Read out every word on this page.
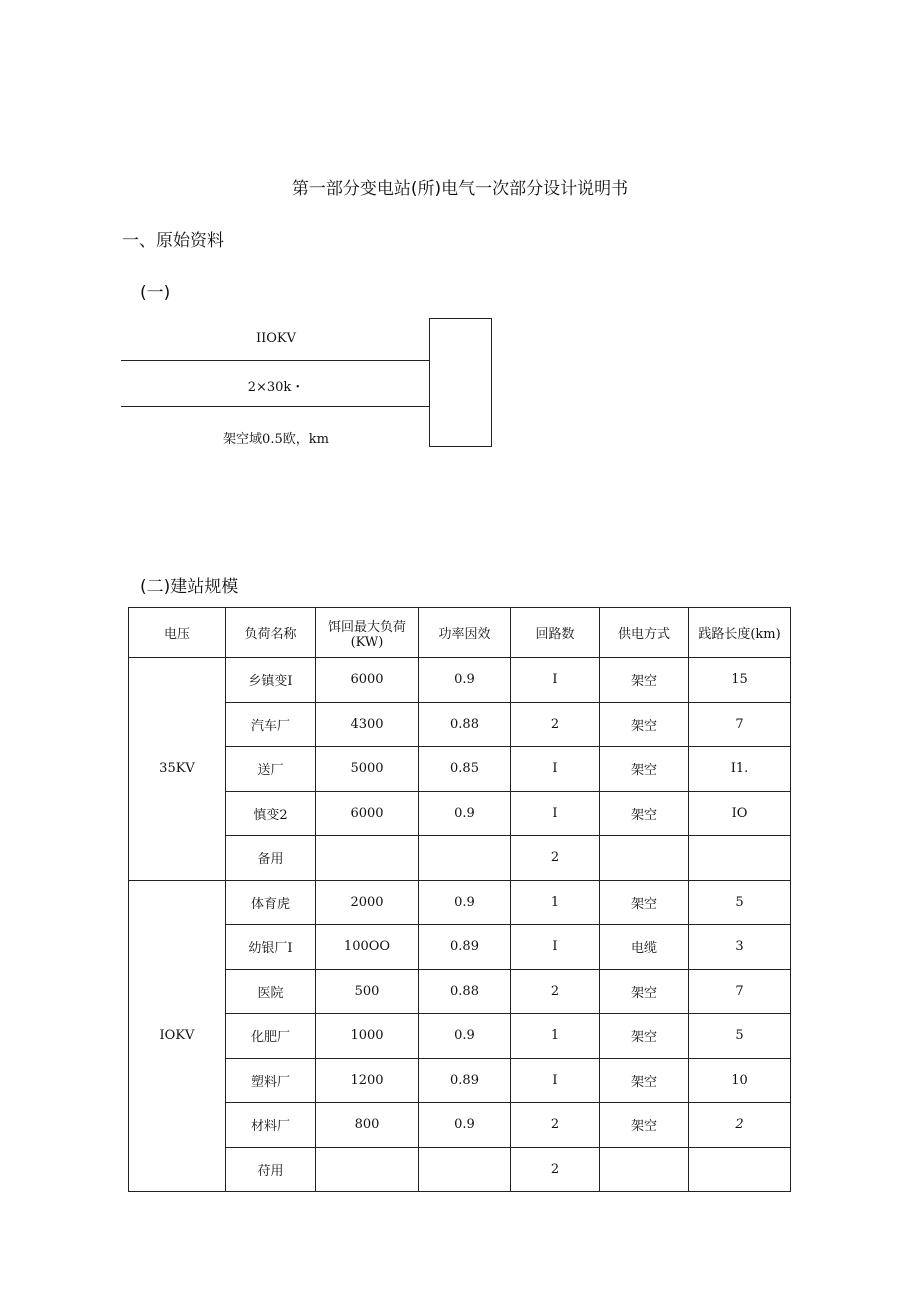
第一部分变电站(所)电气一次部分设计说明书
一、原始资料
(一)
IIOKV
2×30k・
架空域0.5欧，km
(二)建站规模
电压	负荷名称	饵回最大负荷(KW)	功率因效	回路数	供电方式	践路长度(km)
35KV	乡镇变I	6000	0.9	I	架空	15
	汽车厂	4300	0.88	2	架空	7
	送厂	5000	0.85	I	架空	I1.
	慎变2	6000	0.9	I	架空	IO
	备用			2		
IOKV	体育虎	2000	0.9	1	架空	5
	幼银厂I	100OO	0.89	I	电缆	3
	医院	500	0.88	2	架空	7
	化肥厂	1000	0.9	1	架空	5
	塑料厂	1200	0.89	I	架空	10
	材料厂	800	0.9	2	架空	2
	苻用			2		
